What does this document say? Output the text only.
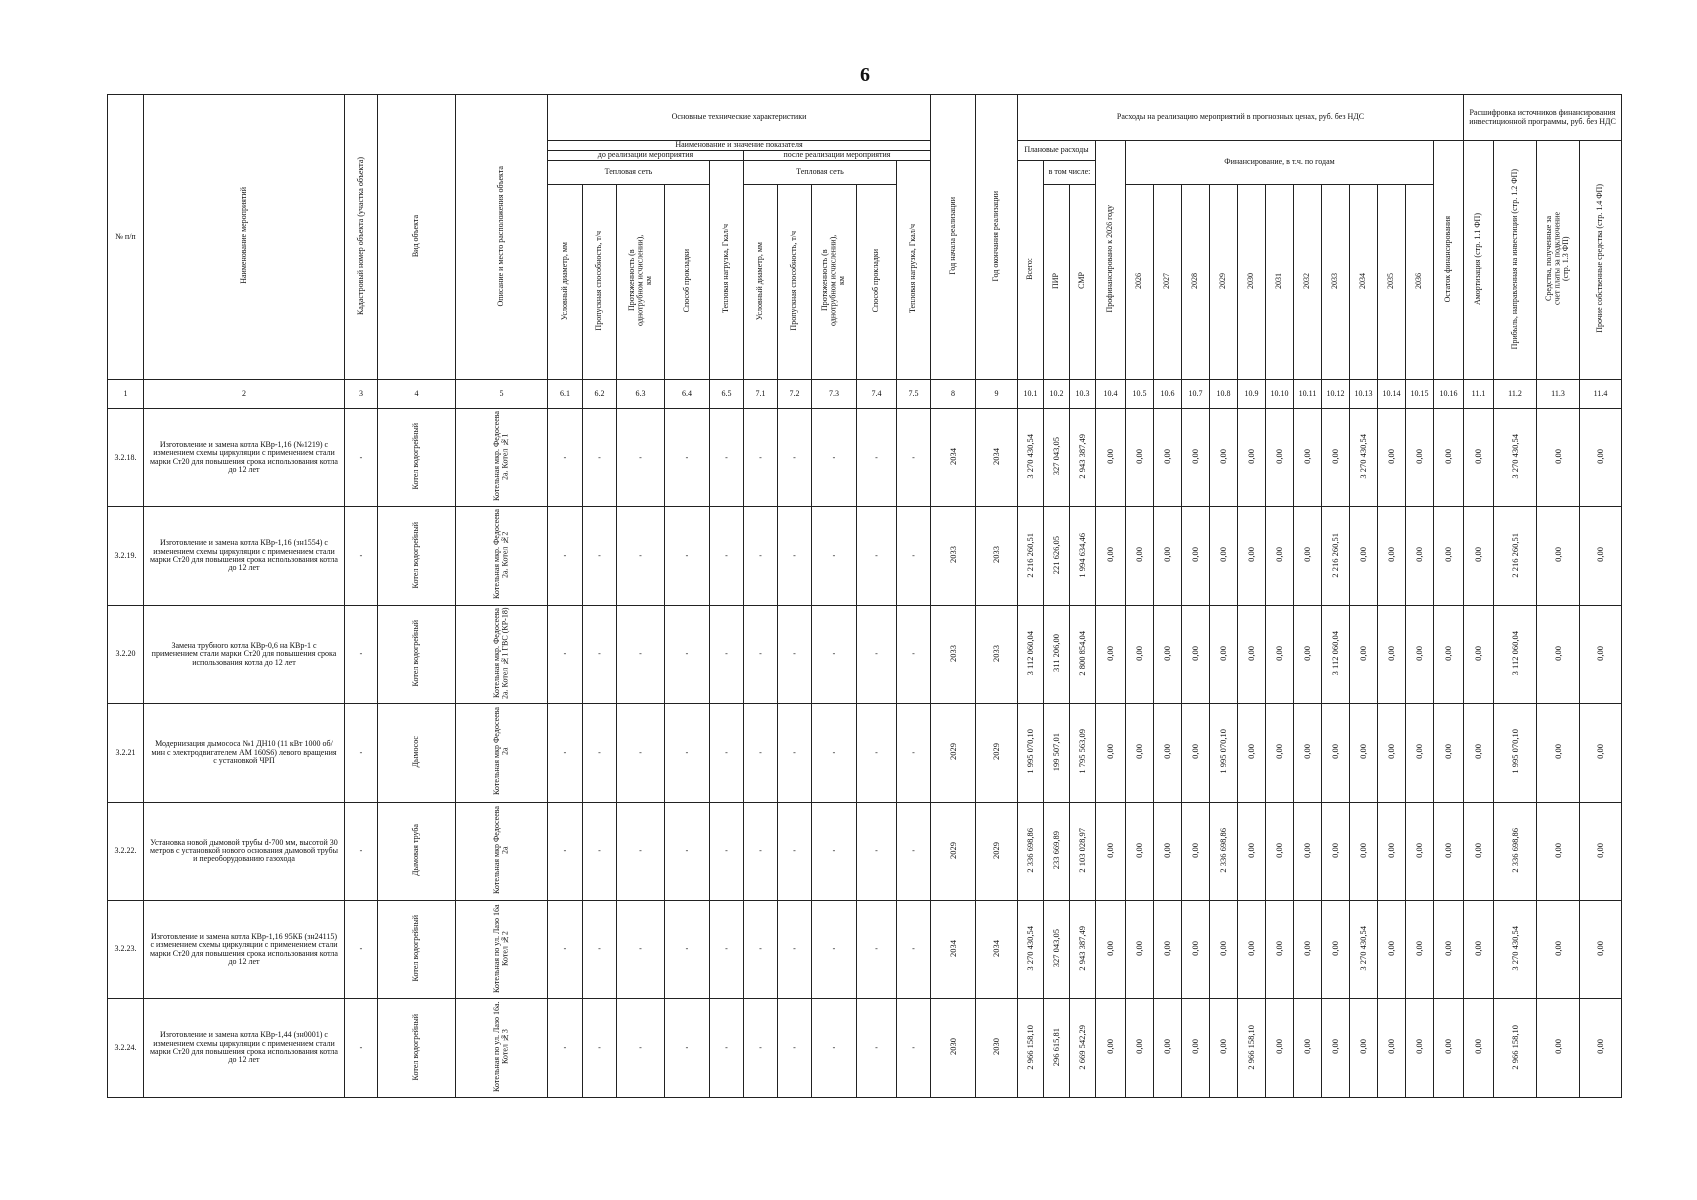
6
№ п/п	Наименование мероприятий	Кадастровый номер объекта (участка объекта)	Вид объекта	Описание и место расположения объекта	Основные технические характеристики										Год начала реализации	Год окончания реализации	Расходы на реализацию мероприятий в прогнозных ценах, руб. без НДС																Расшифровка источников финансирования инвестиционной программы, руб. без НДС			
					Наименование и значение показателя												Плановые расходы			Профинансировано к 2026 году	Финансирование, в т.ч. по годам											Остаток финансирования	Амортизация (стр. 1.1 ФП)	Прибыль, направленная на инвестиции (стр. 1.2 ФП)	Средства, полученные за счет платы за подключение (стр. 1.3 ФП)	Прочие собственные средства (стр. 1.4 ФП)
					до реализации мероприятия					после реализации мероприятия																										
					Тепловая сеть				Тепловая нагрузка, Гкал/ч	Тепловая сеть				Тепловая нагрузка, Гкал/ч			Всего:	в том числе:																		
					Условный диаметр, мм	Пропускная способность, т/ч	Протяженность (в однотрубном исчислении), км	Способ прокладки		Условный диаметр, мм	Пропускная способность, т/ч	Протяженность (в однотрубном исчислении), км	Способ прокладки					ПИР	СМР		2026	2027	2028	2029	2030	2031	2032	2033	2034	2035	2036					
1	2	3	4	5	6.1	6.2	6.3	6.4	6.5	7.1	7.2	7.3	7.4	7.5	8	9	10.1	10.2	10.3	10.4	10.5	10.6	10.7	10.8	10.9	10.10	10.11	10.12	10.13	10.14	10.15	10.16	11.1	11.2	11.3	11.4
3.2.18.	Изготовление и замена котла КВр-1,16 (№1219) с изменением схемы циркуляции с применением стали марки Ст20 для повышения срока использования котла до 12 лет	-	Котел водогрейный	Котельная мкр. Федосеева 2а. Котел №1	-	-	-	-	-	-	-	-	-	-	2034	2034	3 270 430,54	327 043,05	2 943 387,49	0,00	0,00	0,00	0,00	0,00	0,00	0,00	0,00	0,00	3 270 430,54	0,00	0,00	0,00	0,00	3 270 430,54	0,00	0,00
3.2.19.	Изготовление и замена котла КВр-1,16 (зн1554) с изменением схемы циркуляции с применением стали марки Ст20 для повышения срока использования котла до 12 лет	-	Котел водогрейный	Котельная мкр. Федосеева 2а. Котел №2	-	-	-	-	-	-	-	-	-	-	2033	2033	2 216 260,51	221 626,05	1 994 634,46	0,00	0,00	0,00	0,00	0,00	0,00	0,00	0,00	2 216 260,51	0,00	0,00	0,00	0,00	0,00	2 216 260,51	0,00	0,00
3.2.20	Замена трубного котла КВр-0,6 на КВр-1 с применением стали марки Ст20 для повышения срока использования котла до 12 лет	-	Котел водогрейный	Котельная мкр. Федосеева 2а. Котел №1 ГВС (КР-18)	-	-	-	-	-	-	-	-	-	-	2033	2033	3 112 060,04	311 206,00	2 800 854,04	0,00	0,00	0,00	0,00	0,00	0,00	0,00	0,00	3 112 060,04	0,00	0,00	0,00	0,00	0,00	3 112 060,04	0,00	0,00
3.2.21	Модернизация дымососа №1 ДН10 (11 кВт 1000 об/мин с электродвигателем АМ 160S6) левого вращения с установкой ЧРП	-	Дымосос	Котельная мкр Федосеева 2а	-	-	-	-	-	-	-	-	-	-	2029	2029	1 995 070,10	199 507,01	1 795 563,09	0,00	0,00	0,00	0,00	1 995 070,10	0,00	0,00	0,00	0,00	0,00	0,00	0,00	0,00	0,00	1 995 070,10	0,00	0,00
3.2.22.	Установка новой дымовой трубы d-700 мм, высотой 30 метров с установкой нового основания дымовой трубы и переоборудованию газохода	-	Дымовая труба	Котельная мкр Федосеева 2а	-	-	-	-	-	-	-	-	-	-	2029	2029	2 336 698,86	233 669,89	2 103 028,97	0,00	0,00	0,00	0,00	2 336 698,86	0,00	0,00	0,00	0,00	0,00	0,00	0,00	0,00	0,00	2 336 698,86	0,00	0,00
3.2.23.	Изготовление и замена котла КВр-1,16 95КБ (зн24115) с изменением схемы циркуляции с применением стали марки Ст20 для повышения срока использования котла до 12 лет	-	Котел водогрейный	Котельная по ул. Лазо 16а Котел №2	-	-	-	-	-	-	-	-	-	-	2034	2034	3 270 430,54	327 043,05	2 943 387,49	0,00	0,00	0,00	0,00	0,00	0,00	0,00	0,00	0,00	3 270 430,54	0,00	0,00	0,00	0,00	3 270 430,54	0,00	0,00
3.2.24.	Изготовление и замена котла КВр-1,44 (зн0001) с изменением схемы циркуляции с применением стали марки Ст20 для повышения срока использования котла до 12 лет	-	Котел водогрейный	Котельная по ул. Лазо 16а. Котел №3	-	-	-	-	-	-	-	-	-	-	2030	2030	2 966 158,10	296 615,81	2 669 542,29	0,00	0,00	0,00	0,00	0,00	2 966 158,10	0,00	0,00	0,00	0,00	0,00	0,00	0,00	0,00	2 966 158,10	0,00	0,00
